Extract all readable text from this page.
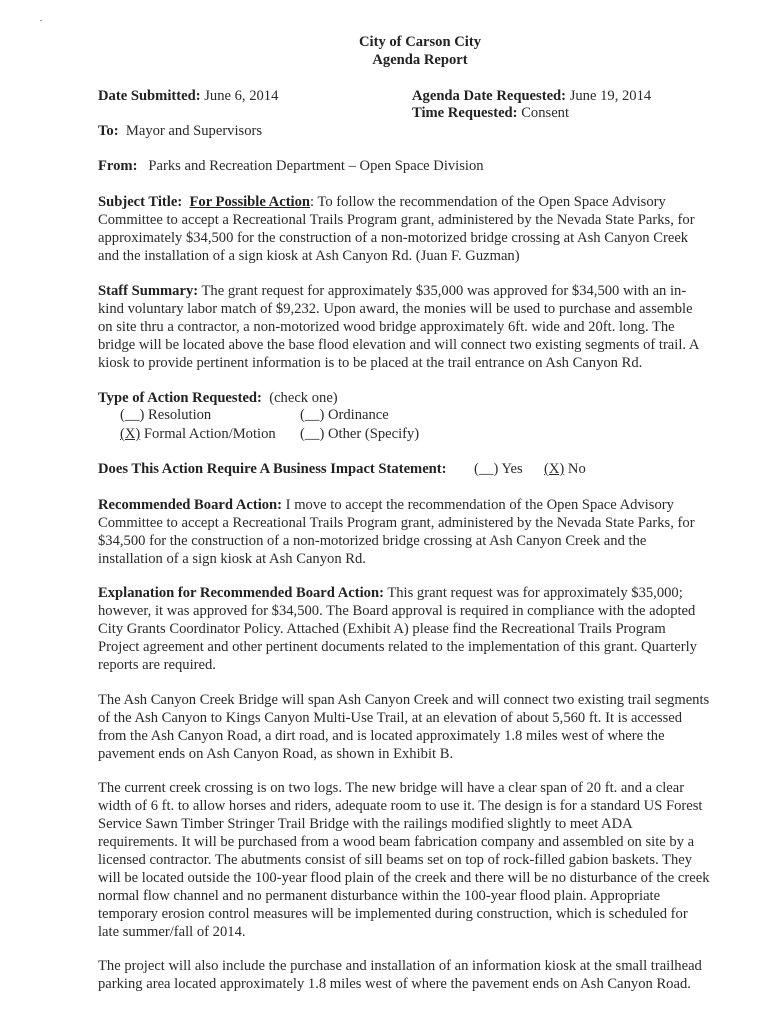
City of Carson City
Agenda Report
Date Submitted: June 6, 2014	Agenda Date Requested: June 19, 2014
Time Requested: Consent
To: Mayor and Supervisors
From: Parks and Recreation Department – Open Space Division

Subject Title: For Possible Action: To follow the recommendation of the Open Space Advisory

Committee to accept a Recreational Trails Program grant, administered by the Nevada State Parks, for

approximately $34,500 for the construction of a non-motorized bridge crossing at Ash Canyon Creek

and the installation of a sign kiosk at Ash Canyon Rd. (Juan F. Guzman)

Staff Summary: The grant request for approximately $35,000 was approved for $34,500 with an in-

kind voluntary labor match of $9,232. Upon award, the monies will be used to purchase and assemble

on site thru a contractor, a non-motorized wood bridge approximately 6ft. wide and 20ft. long. The

bridge will be located above the base flood elevation and will connect two existing segments of trail. A

kiosk to provide pertinent information is to be placed at the trail entrance on Ash Canyon Rd.

Type of Action Requested: (check one)
(__) Resolution	(__) Ordinance
(X) Formal Action/Motion (__) Other (Specify)
Does This Action Require A Business Impact Statement: (__) Yes (X) No

Recommended Board Action: I move to accept the recommendation of the Open Space Advisory

Committee to accept a Recreational Trails Program grant, administered by the Nevada State Parks, for

$34,500 for the construction of a non-motorized bridge crossing at Ash Canyon Creek and the

installation of a sign kiosk at Ash Canyon Rd.

Explanation for Recommended Board Action: This grant request was for approximately $35,000;

however, it was approved for $34,500. The Board approval is required in compliance with the adopted

City Grants Coordinator Policy. Attached (Exhibit A) please find the Recreational Trails Program

Project agreement and other pertinent documents related to the implementation of this grant. Quarterly

reports are required.

The Ash Canyon Creek Bridge will span Ash Canyon Creek and will connect two existing trail segments

of the Ash Canyon to Kings Canyon Multi-Use Trail, at an elevation of about 5,560 ft. It is accessed

from the Ash Canyon Road, a dirt road, and is located approximately 1.8 miles west of where the

pavement ends on Ash Canyon Road, as shown in Exhibit B.

The current creek crossing is on two logs. The new bridge will have a clear span of 20 ft. and a clear

width of 6 ft. to allow horses and riders, adequate room to use it. The design is for a standard US Forest

Service Sawn Timber Stringer Trail Bridge with the railings modified slightly to meet ADA

requirements. It will be purchased from a wood beam fabrication company and assembled on site by a

licensed contractor. The abutments consist of sill beams set on top of rock-filled gabion baskets. They

will be located outside the 100-year flood plain of the creek and there will be no disturbance of the creek

normal flow channel and no permanent disturbance within the 100-year flood plain. Appropriate

temporary erosion control measures will be implemented during construction, which is scheduled for

late summer/fall of 2014.

The project will also include the purchase and installation of an information kiosk at the small trailhead

parking area located approximately 1.8 miles west of where the pavement ends on Ash Canyon Road.
